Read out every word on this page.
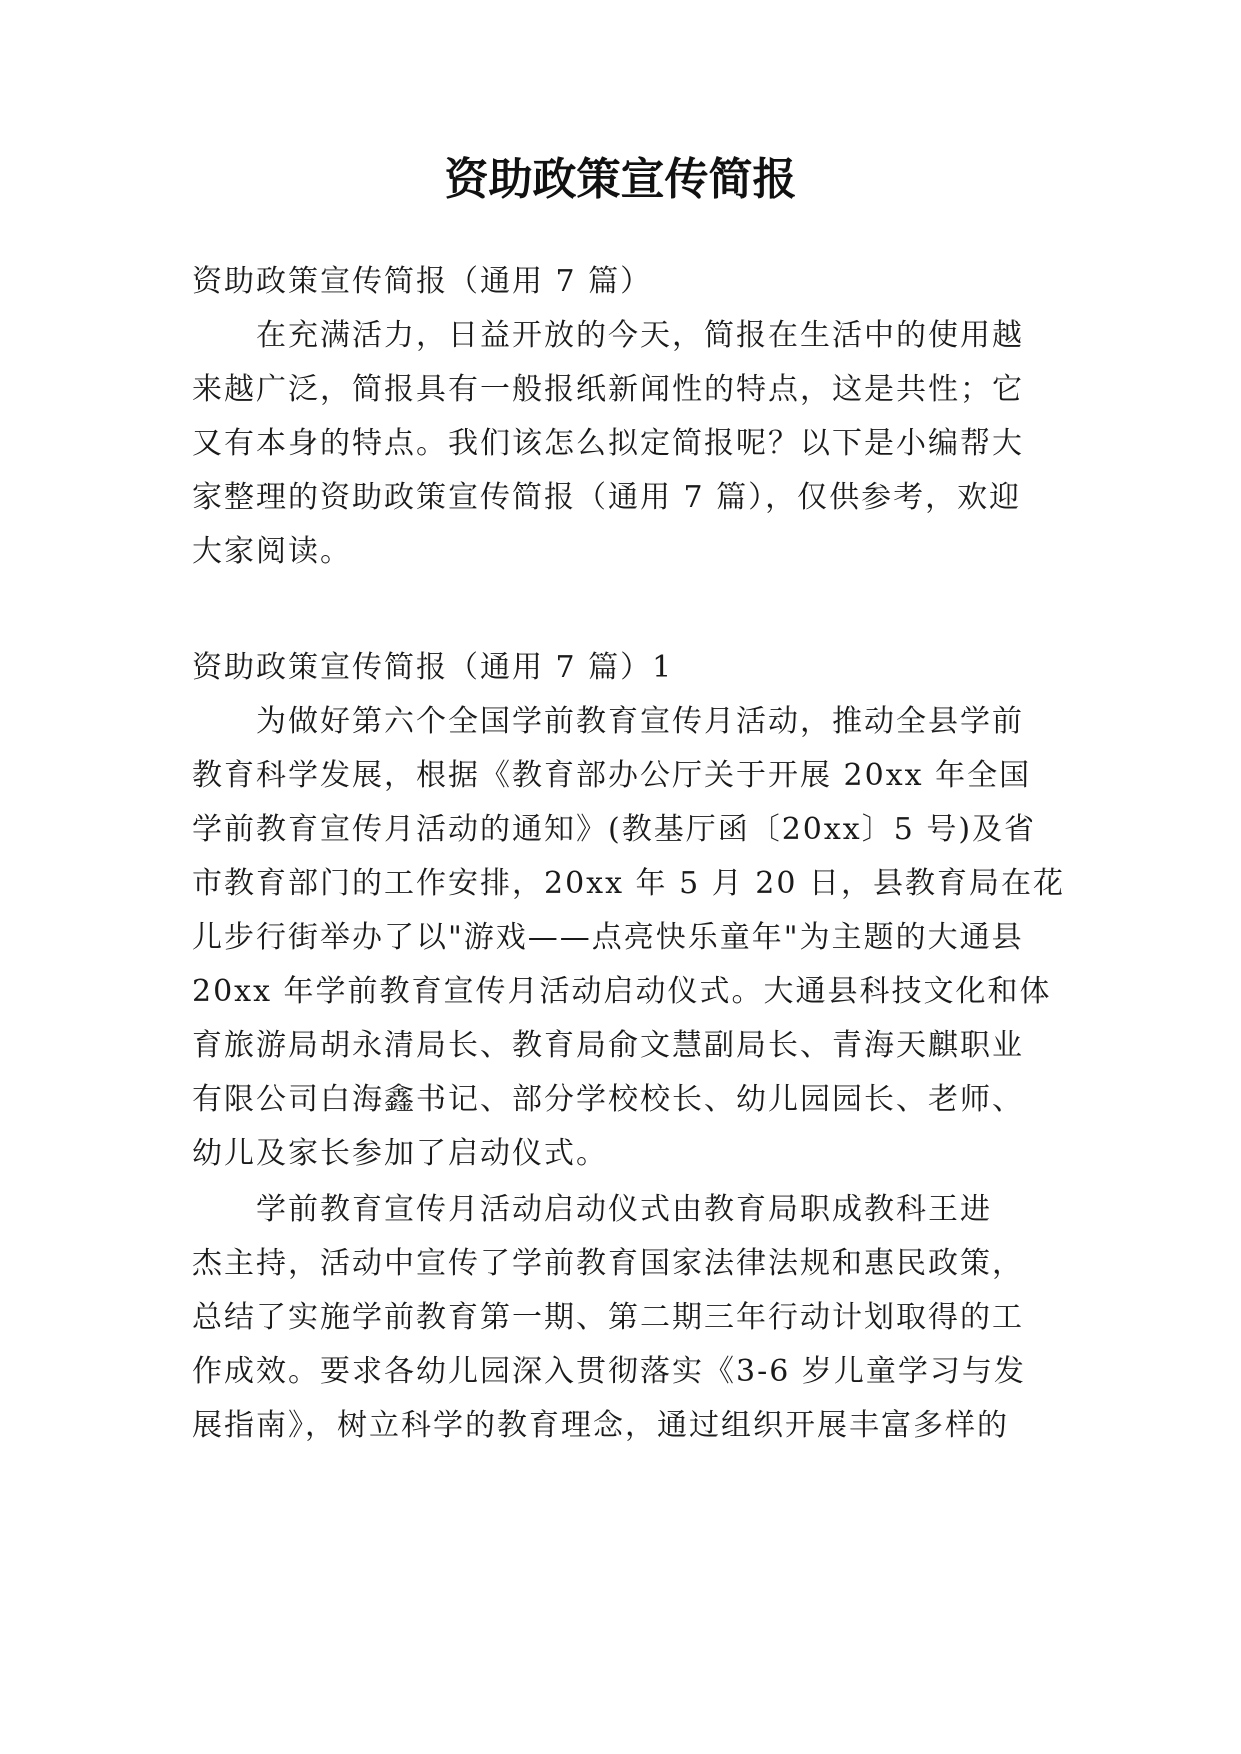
资助政策宣传简报

资助政策宣传简报（通用 7 篇）

在充满活力，日益开放的今天，简报在生活中的使用越

来越广泛，简报具有一般报纸新闻性的特点，这是共性；它

又有本身的特点。我们该怎么拟定简报呢？以下是小编帮大

家整理的资助政策宣传简报（通用 7 篇），仅供参考，欢迎

大家阅读。

资助政策宣传简报（通用 7 篇）1

为做好第六个全国学前教育宣传月活动，推动全县学前

教育科学发展，根据《教育部办公厅关于开展 20xx 年全国

学前教育宣传月活动的通知》(教基厅函〔20xx〕5 号)及省

市教育部门的工作安排，20xx 年 5 月 20 日，县教育局在花

儿步行街举办了以"游戏——点亮快乐童年"为主题的大通县

20xx 年学前教育宣传月活动启动仪式。大通县科技文化和体

育旅游局胡永清局长、教育局俞文慧副局长、青海天麒职业

有限公司白海鑫书记、部分学校校长、幼儿园园长、老师、

幼儿及家长参加了启动仪式。

学前教育宣传月活动启动仪式由教育局职成教科王进

杰主持，活动中宣传了学前教育国家法律法规和惠民政策，

总结了实施学前教育第一期、第二期三年行动计划取得的工

作成效。要求各幼儿园深入贯彻落实《3-6 岁儿童学习与发

展指南》，树立科学的教育理念，通过组织开展丰富多样的
